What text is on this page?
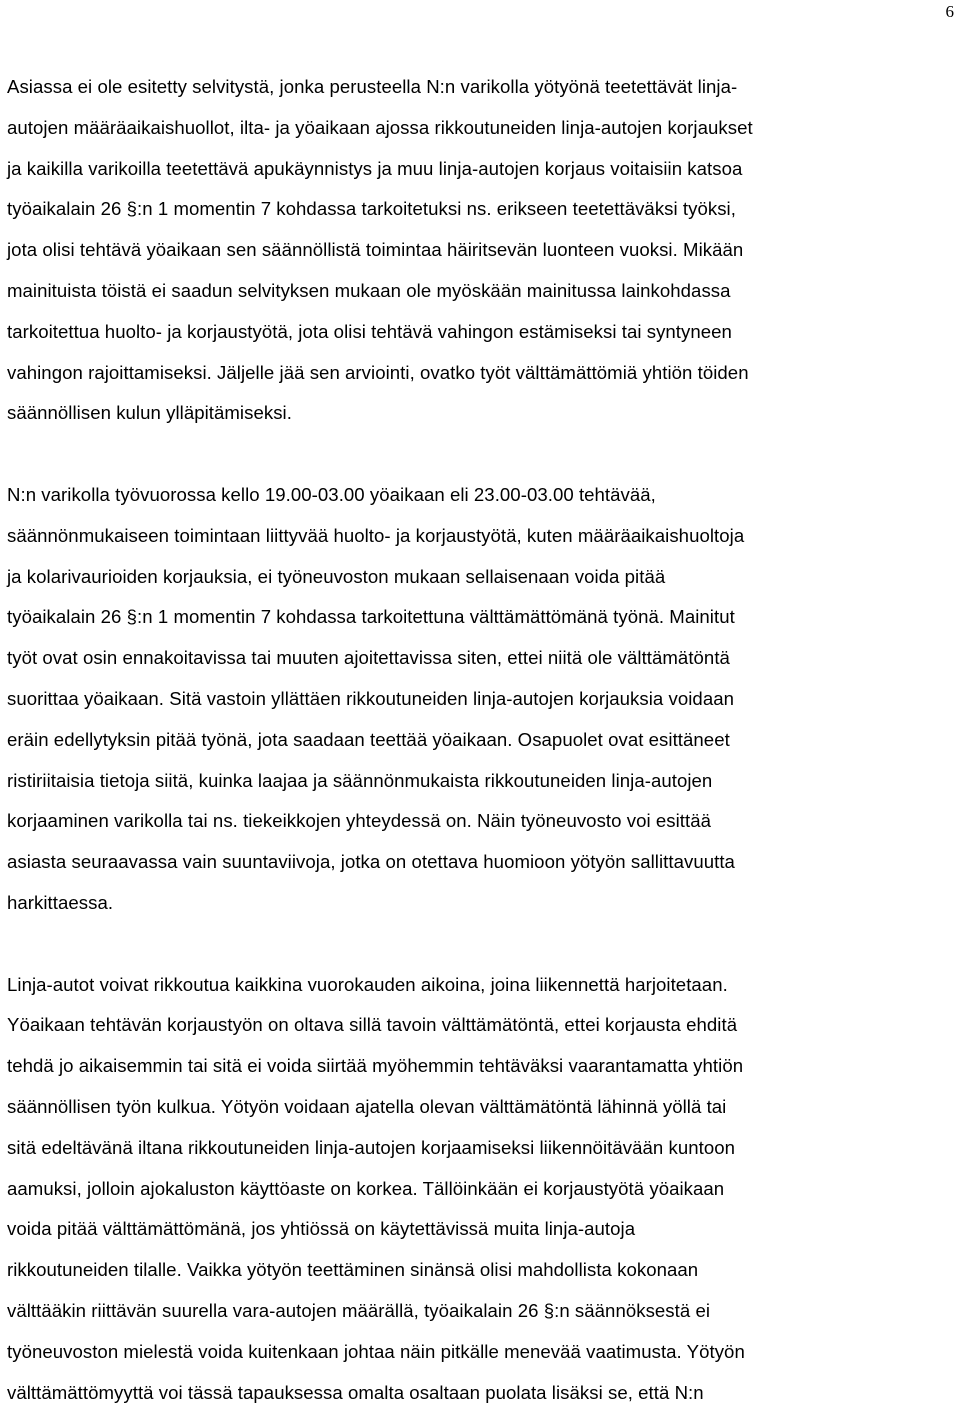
6

Asiassa ei ole esitetty selvitystä, jonka perusteella N:n varikolla yötyönä teetettävät linja-
autojen määräaikaishuollot, ilta- ja yöaikaan ajossa rikkoutuneiden linja-autojen korjaukset
ja kaikilla varikoilla teetettävä apukäynnistys ja muu linja-autojen korjaus voitaisiin katsoa
työaikalain 26 §:n 1 momentin 7 kohdassa tarkoitetuksi ns. erikseen teetettäväksi työksi,
jota olisi tehtävä yöaikaan sen säännöllistä toimintaa häiritsevän luonteen vuoksi. Mikään
mainituista töistä ei saadun selvityksen mukaan ole myöskään mainitussa lainkohdassa
tarkoitettua huolto- ja korjaustyötä, jota olisi tehtävä vahingon estämiseksi tai syntyneen
vahingon rajoittamiseksi. Jäljelle jää sen arviointi, ovatko työt välttämättömiä yhtiön töiden
säännöllisen kulun ylläpitämiseksi.

N:n varikolla työvuorossa kello 19.00-03.00 yöaikaan eli 23.00-03.00 tehtävää,
säännönmukaiseen toimintaan liittyvää huolto- ja korjaustyötä, kuten määräaikaishuoltoja
ja kolarivaurioiden korjauksia, ei työneuvoston mukaan sellaisenaan voida pitää
työaikalain 26 §:n 1 momentin 7 kohdassa tarkoitettuna välttämättömänä työnä. Mainitut
työt ovat osin ennakoitavissa tai muuten ajoitettavissa siten, ettei niitä ole välttämätöntä
suorittaa yöaikaan. Sitä vastoin yllättäen rikkoutuneiden linja-autojen korjauksia voidaan
eräin edellytyksin pitää työnä, jota saadaan teettää yöaikaan. Osapuolet ovat esittäneet
ristiriitaisia tietoja siitä, kuinka laajaa ja säännönmukaista rikkoutuneiden linja-autojen
korjaaminen varikolla tai ns. tiekeikkojen yhteydessä on. Näin työneuvosto voi esittää
asiasta seuraavassa vain suuntaviivoja, jotka on otettava huomioon yötyön sallittavuutta
harkittaessa.

Linja-autot voivat rikkoutua kaikkina vuorokauden aikoina, joina liikennettä harjoitetaan.
Yöaikaan tehtävän korjaustyön on oltava sillä tavoin välttämätöntä, ettei korjausta ehditä
tehdä jo aikaisemmin tai sitä ei voida siirtää myöhemmin tehtäväksi vaarantamatta yhtiön
säännöllisen työn kulkua. Yötyön voidaan ajatella olevan välttämätöntä lähinnä yöllä tai
sitä edeltävänä iltana rikkoutuneiden linja-autojen korjaamiseksi liikennöitävään kuntoon
aamuksi, jolloin ajokaluston käyttöaste on korkea. Tällöinkään ei korjaustyötä yöaikaan
voida pitää välttämättömänä, jos yhtiössä on käytettävissä muita linja-autoja
rikkoutuneiden tilalle. Vaikka yötyön teettäminen sinänsä olisi mahdollista kokonaan
välttääkin riittävän suurella vara-autojen määrällä, työaikalain 26 §:n säännöksestä ei
työneuvoston mielestä voida kuitenkaan johtaa näin pitkälle menevää vaatimusta. Yötyön
välttämättömyyttä voi tässä tapauksessa omalta osaltaan puolata lisäksi se, että N:n
